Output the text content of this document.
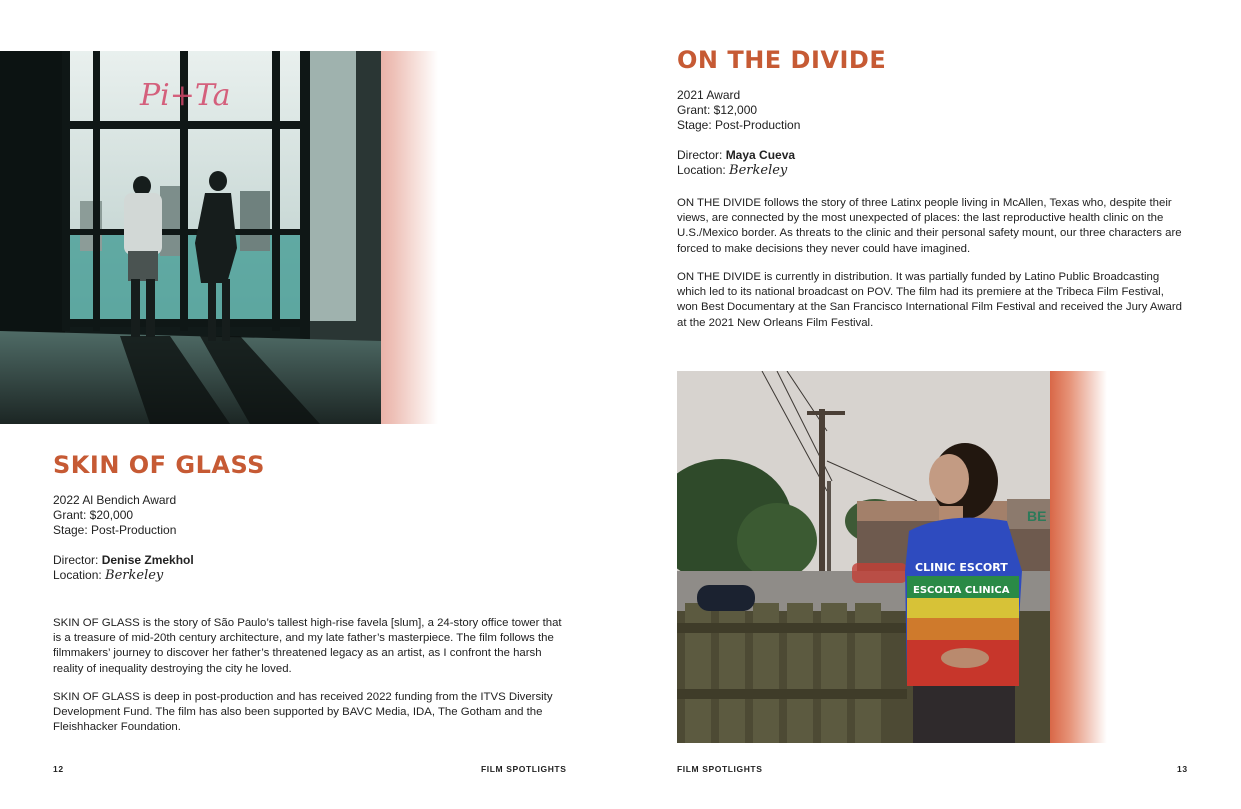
Pi+Ta
SKIN OF GLASS
2022 Al Bendich Award
Grant: $20,000
Stage: Post-Production
Director: Denise Zmekhol
Location: Berkeley

SKIN OF GLASS is the story of São Paulo’s tallest high-rise favela [slum], a 24-story office tower that is a treasure of mid-20th century architecture, and my late father’s masterpiece. The film follows the filmmakers’ journey to discover her father’s threatened legacy as an artist, as I confront the harsh reality of inequality destroying the city he loved.

SKIN OF GLASS is deep in post-production and has received 2022 funding from the ITVS Diversity Development Fund. The film has also been supported by BAVC Media, IDA, The Gotham and the Fleishhacker Foundation.

12	FILM SPOTLIGHTS
ON THE DIVIDE
2021 Award
Grant: $12,000
Stage: Post-Production
Director: Maya Cueva
Location: Berkeley

ON THE DIVIDE follows the story of three Latinx people living in McAllen, Texas who, despite their views, are connected by the most unexpected of places: the last reproductive health clinic on the U.S./Mexico border. As threats to the clinic and their personal safety mount, our three characters are forced to make decisions they never could have imagined.

ON THE DIVIDE is currently in distribution. It was partially funded by Latino Public Broadcasting which led to its national broadcast on POV. The film had its premiere at the Tribeca Film Festival, won Best Documentary at the San Francisco International Film Festival and received the Jury Award at the 2021 New Orleans Film Festival.

BE
CLINIC ESCORT
ESCOLTA CLINICA
FILM SPOTLIGHTS	13
